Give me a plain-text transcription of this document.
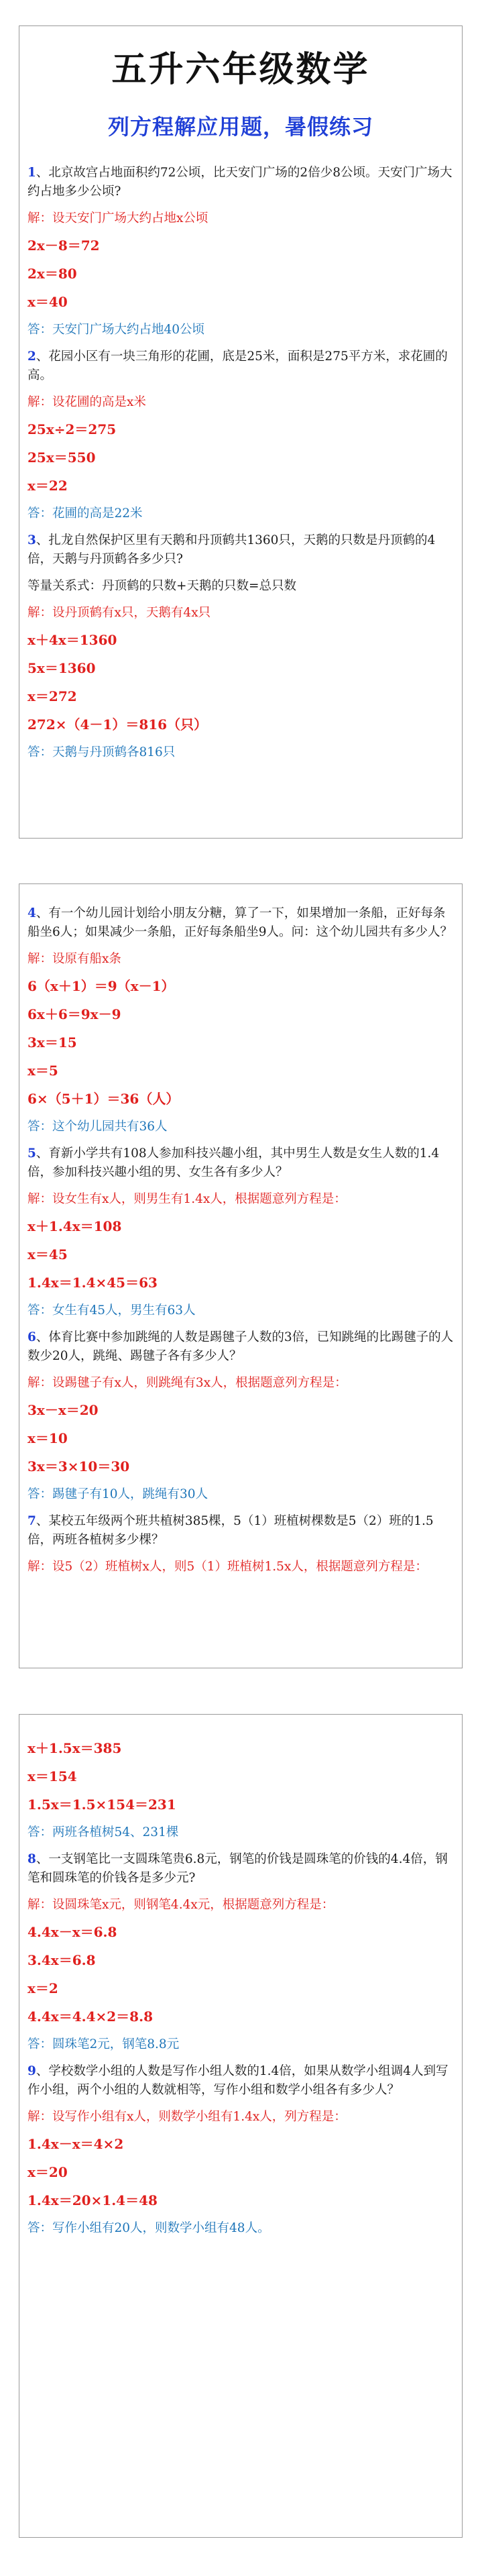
五升六年级数学
列方程解应用题，暑假练习
1、北京故宫占地面积约72公顷，比天安门广场的2倍少8公顷。天安门广场大约占地多少公顷?
解：设天安门广场大约占地x公顷
2x－8＝72
2x＝80
x＝40
答：天安门广场大约占地40公顷
2、花园小区有一块三角形的花圃，底是25米，面积是275平方米，求花圃的高。
解：设花圃的高是x米
25x÷2＝275
25x＝550
x＝22
答：花圃的高是22米
3、扎龙自然保护区里有天鹅和丹顶鹤共1360只，天鹅的只数是丹顶鹤的4倍，天鹅与丹顶鹤各多少只?
等量关系式：丹顶鹤的只数+天鹅的只数=总只数
解：设丹顶鹤有x只，天鹅有4x只
x＋4x＝1360
5x＝1360
x＝272
272×（4－1）＝816（只）
答：天鹅与丹顶鹤各816只
4、有一个幼儿园计划给小朋友分糖，算了一下，如果增加一条船，正好每条船坐6人；如果减少一条船，正好每条船坐9人。问：这个幼儿园共有多少人？
解：设原有船x条
6（x＋1）＝9（x－1）
6x＋6＝9x－9
3x＝15
x＝5
6×（5＋1）＝36（人）
答：这个幼儿园共有36人
5、育新小学共有108人参加科技兴趣小组，其中男生人数是女生人数的1.4倍，参加科技兴趣小组的男、女生各有多少人？
解：设女生有x人，则男生有1.4x人，根据题意列方程是：
x＋1.4x＝108
x＝45
1.4x＝1.4×45＝63
答：女生有45人，男生有63人
6、体育比赛中参加跳绳的人数是踢毽子人数的3倍，已知跳绳的比踢毽子的人数少20人，跳绳、踢毽子各有多少人？
解：设踢毽子有x人，则跳绳有3x人，根据题意列方程是：
3x－x＝20
x＝10
3x＝3×10＝30
答：踢毽子有10人，跳绳有30人
7、某校五年级两个班共植树385棵，5（1）班植树棵数是5（2）班的1.5倍，两班各植树多少棵？
解：设5（2）班植树x人，则5（1）班植树1.5x人，根据题意列方程是：
x＋1.5x＝385
x＝154
1.5x＝1.5×154＝231
答：两班各植树54、231棵
8、一支钢笔比一支圆珠笔贵6.8元，钢笔的价钱是圆珠笔的价钱的4.4倍，钢笔和圆珠笔的价钱各是多少元?
解：设圆珠笔x元，则钢笔4.4x元，根据题意列方程是：
4.4x－x＝6.8
3.4x＝6.8
x＝2
4.4x＝4.4×2＝8.8
答：圆珠笔2元，钢笔8.8元
9、学校数学小组的人数是写作小组人数的1.4倍，如果从数学小组调4人到写作小组，两个小组的人数就相等，写作小组和数学小组各有多少人？
解：设写作小组有x人，则数学小组有1.4x人，列方程是：
1.4x－x＝4×2
x＝20
1.4x＝20×1.4＝48
答：写作小组有20人，则数学小组有48人。
